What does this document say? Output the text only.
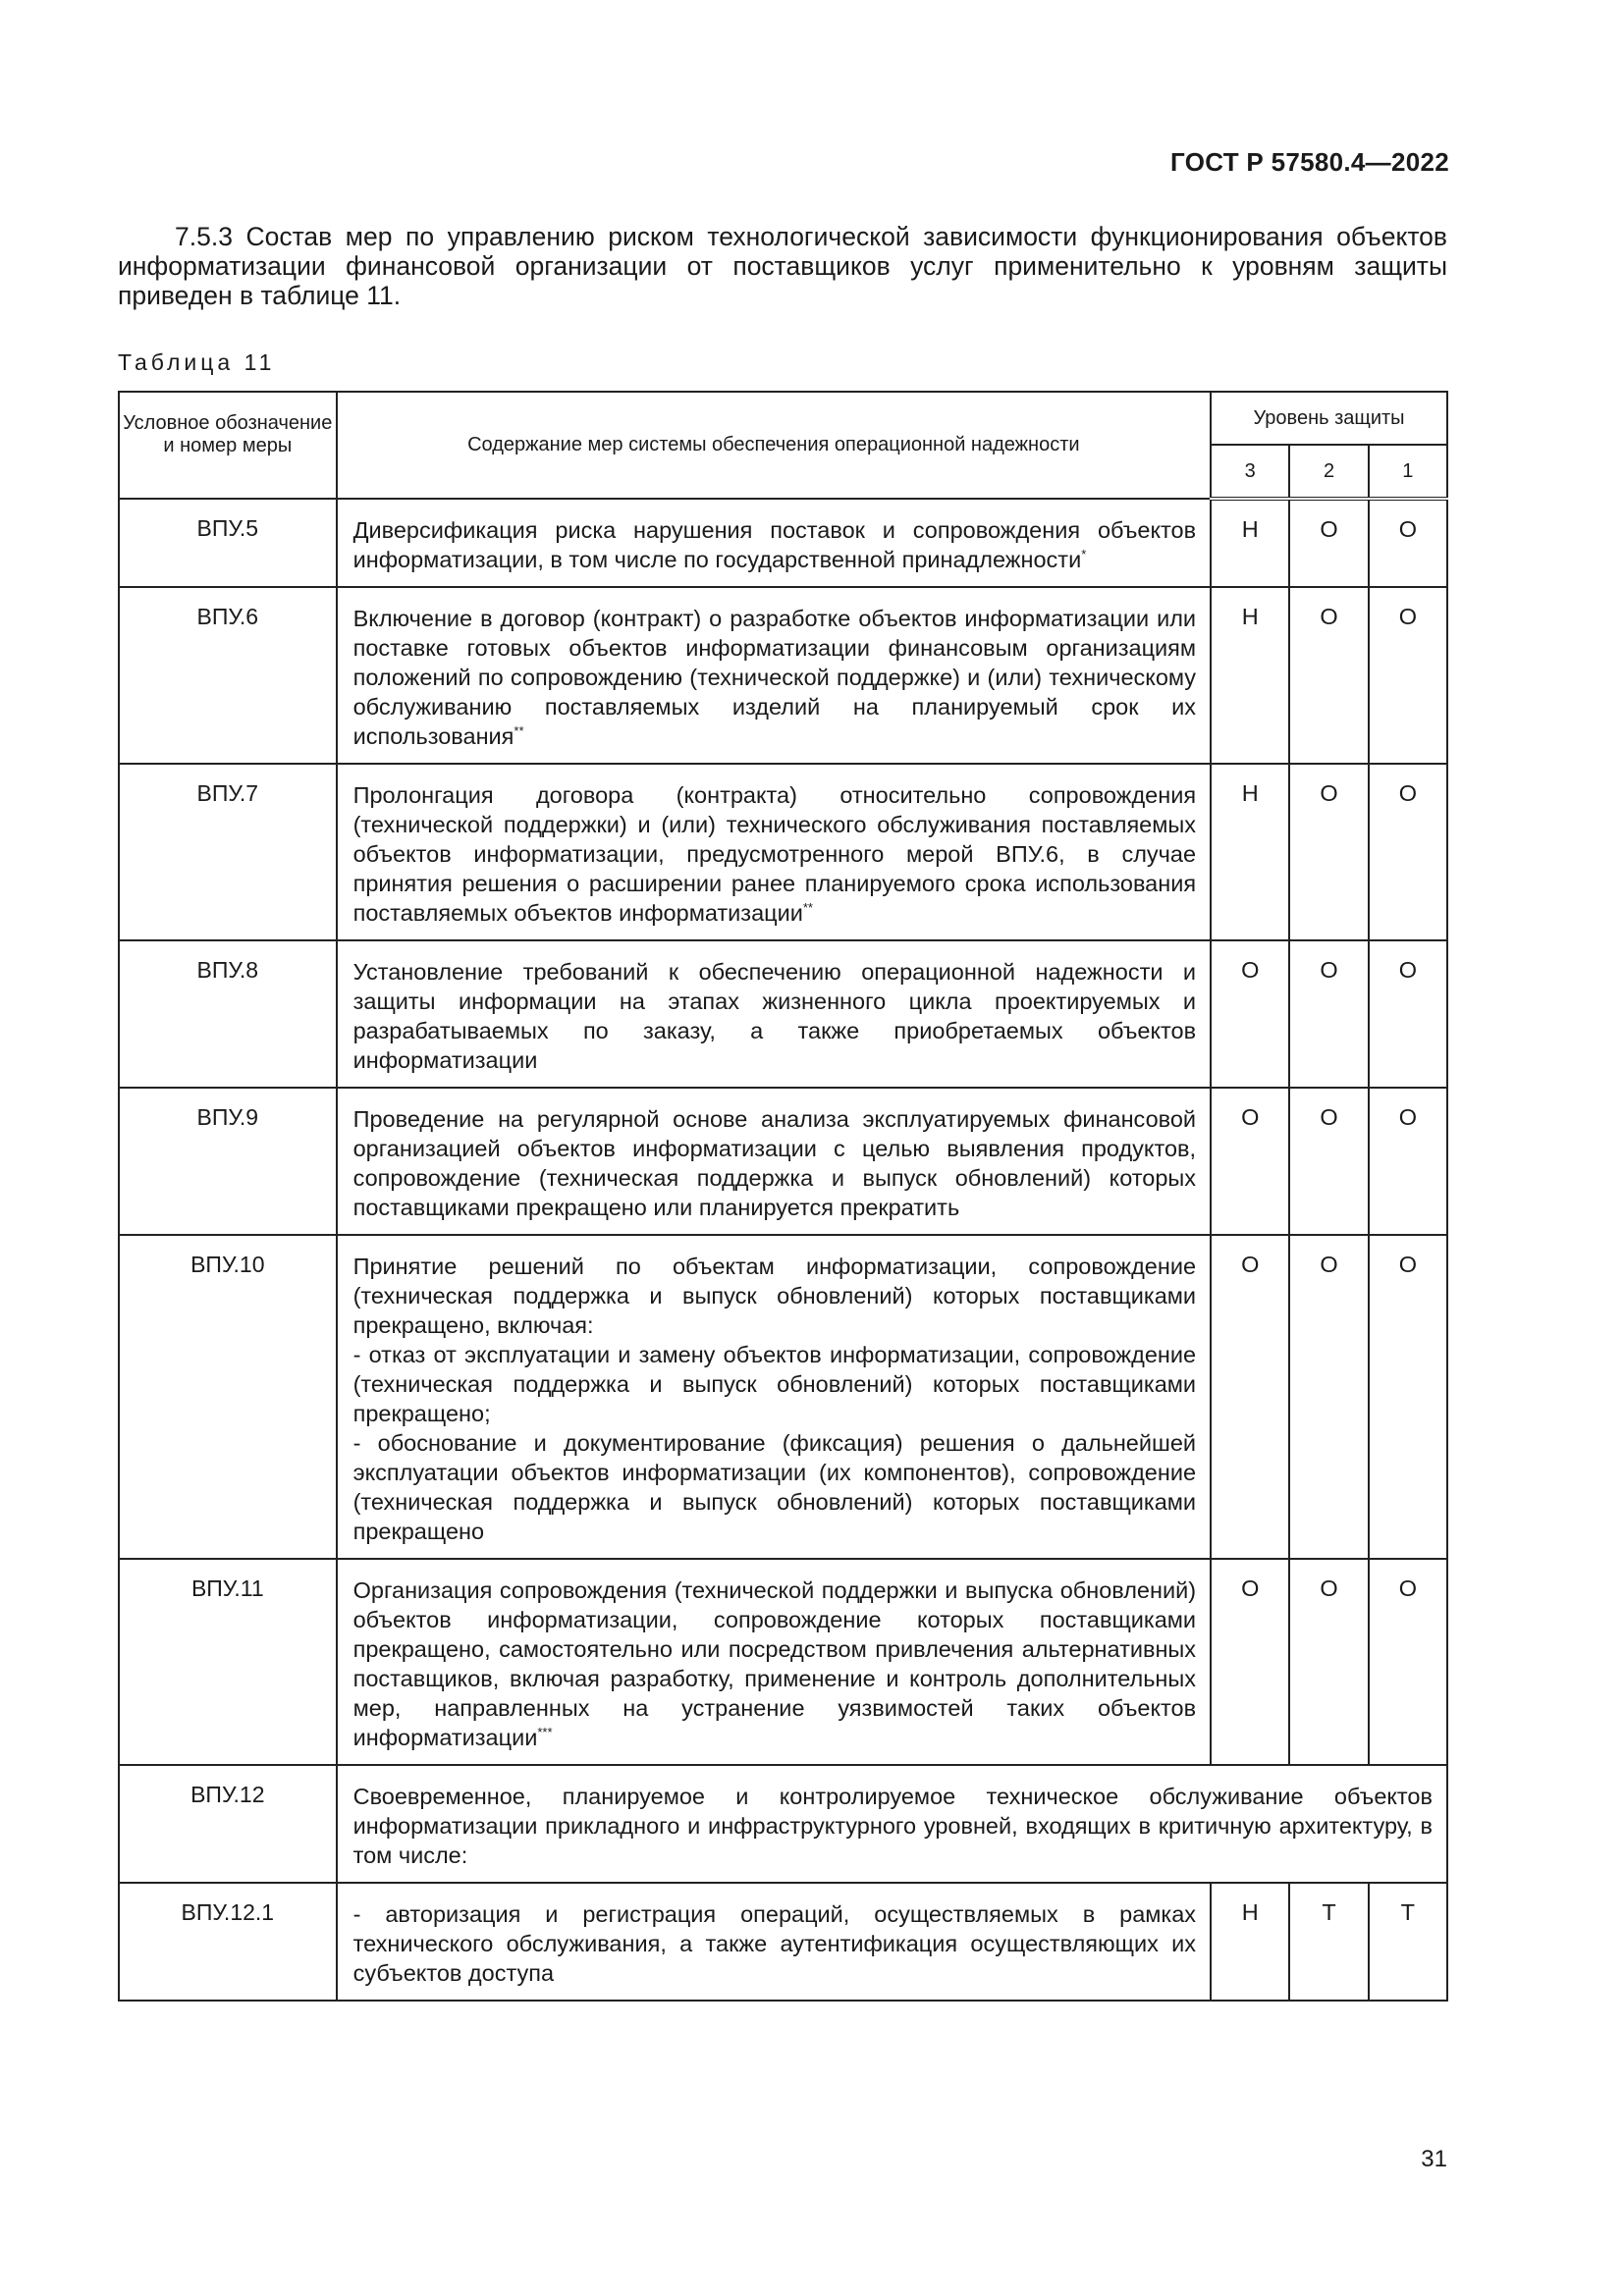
ГОСТ Р 57580.4—2022
7.5.3 Состав мер по управлению риском технологической зависимости функционирования объектов информатизации финансовой организации от поставщиков услуг применительно к уровням защиты приведен в таблице 11.
Таблица 11
Условное обозначение и номер меры	Содержание мер системы обеспечения операционной надежности	Уровень защиты		
		3	2	1
ВПУ.5	Диверсификация риска нарушения поставок и сопровождения объектов информатизации, в том числе по государственной принадлежности*	Н	О	О
ВПУ.6	Включение в договор (контракт) о разработке объектов информатизации или поставке готовых объектов информатизации финансовым организациям положений по сопровождению (технической поддержке) и (или) техническому обслуживанию поставляемых изделий на планируемый срок их использования**	Н	О	О
ВПУ.7	Пролонгация договора (контракта) относительно сопровождения (технической поддержки) и (или) технического обслуживания поставляемых объектов информатизации, предусмотренного мерой ВПУ.6, в случае принятия решения о расширении ранее планируемого срока использования поставляемых объектов информатизации**	Н	О	О
ВПУ.8	Установление требований к обеспечению операционной надежности и защиты информации на этапах жизненного цикла проектируемых и разрабатываемых по заказу, а также приобретаемых объектов информатизации	О	О	О
ВПУ.9	Проведение на регулярной основе анализа эксплуатируемых финансовой организацией объектов информатизации с целью выявления продуктов, сопровождение (техническая поддержка и выпуск обновлений) которых поставщиками прекращено или планируется прекратить	О	О	О
ВПУ.10	Принятие решений по объектам информатизации, сопровождение (техническая поддержка и выпуск обновлений) которых поставщиками прекращено, включая:
- отказ от эксплуатации и замену объектов информатизации, сопровождение (техническая поддержка и выпуск обновлений) которых поставщиками прекращено;
- обоснование и документирование (фиксация) решения о дальнейшей эксплуатации объектов информатизации (их компонентов), сопровождение (техническая поддержка и выпуск обновлений) которых поставщиками прекращено	О	О	О
ВПУ.11	Организация сопровождения (технической поддержки и выпуска обновлений) объектов информатизации, сопровождение которых поставщиками прекращено, самостоятельно или посредством привлечения альтернативных поставщиков, включая разработку, применение и контроль дополнительных мер, направленных на устранение уязвимостей таких объектов информатизации***	О	О	О
ВПУ.12	Своевременное, планируемое и контролируемое техническое обслуживание объектов информатизации прикладного и инфраструктурного уровней, входящих в критичную архитектуру, в том числе:			
ВПУ.12.1	- авторизация и регистрация операций, осуществляемых в рамках технического обслуживания, а также аутентификация осуществляющих их субъектов доступа	Н	Т	Т
31
